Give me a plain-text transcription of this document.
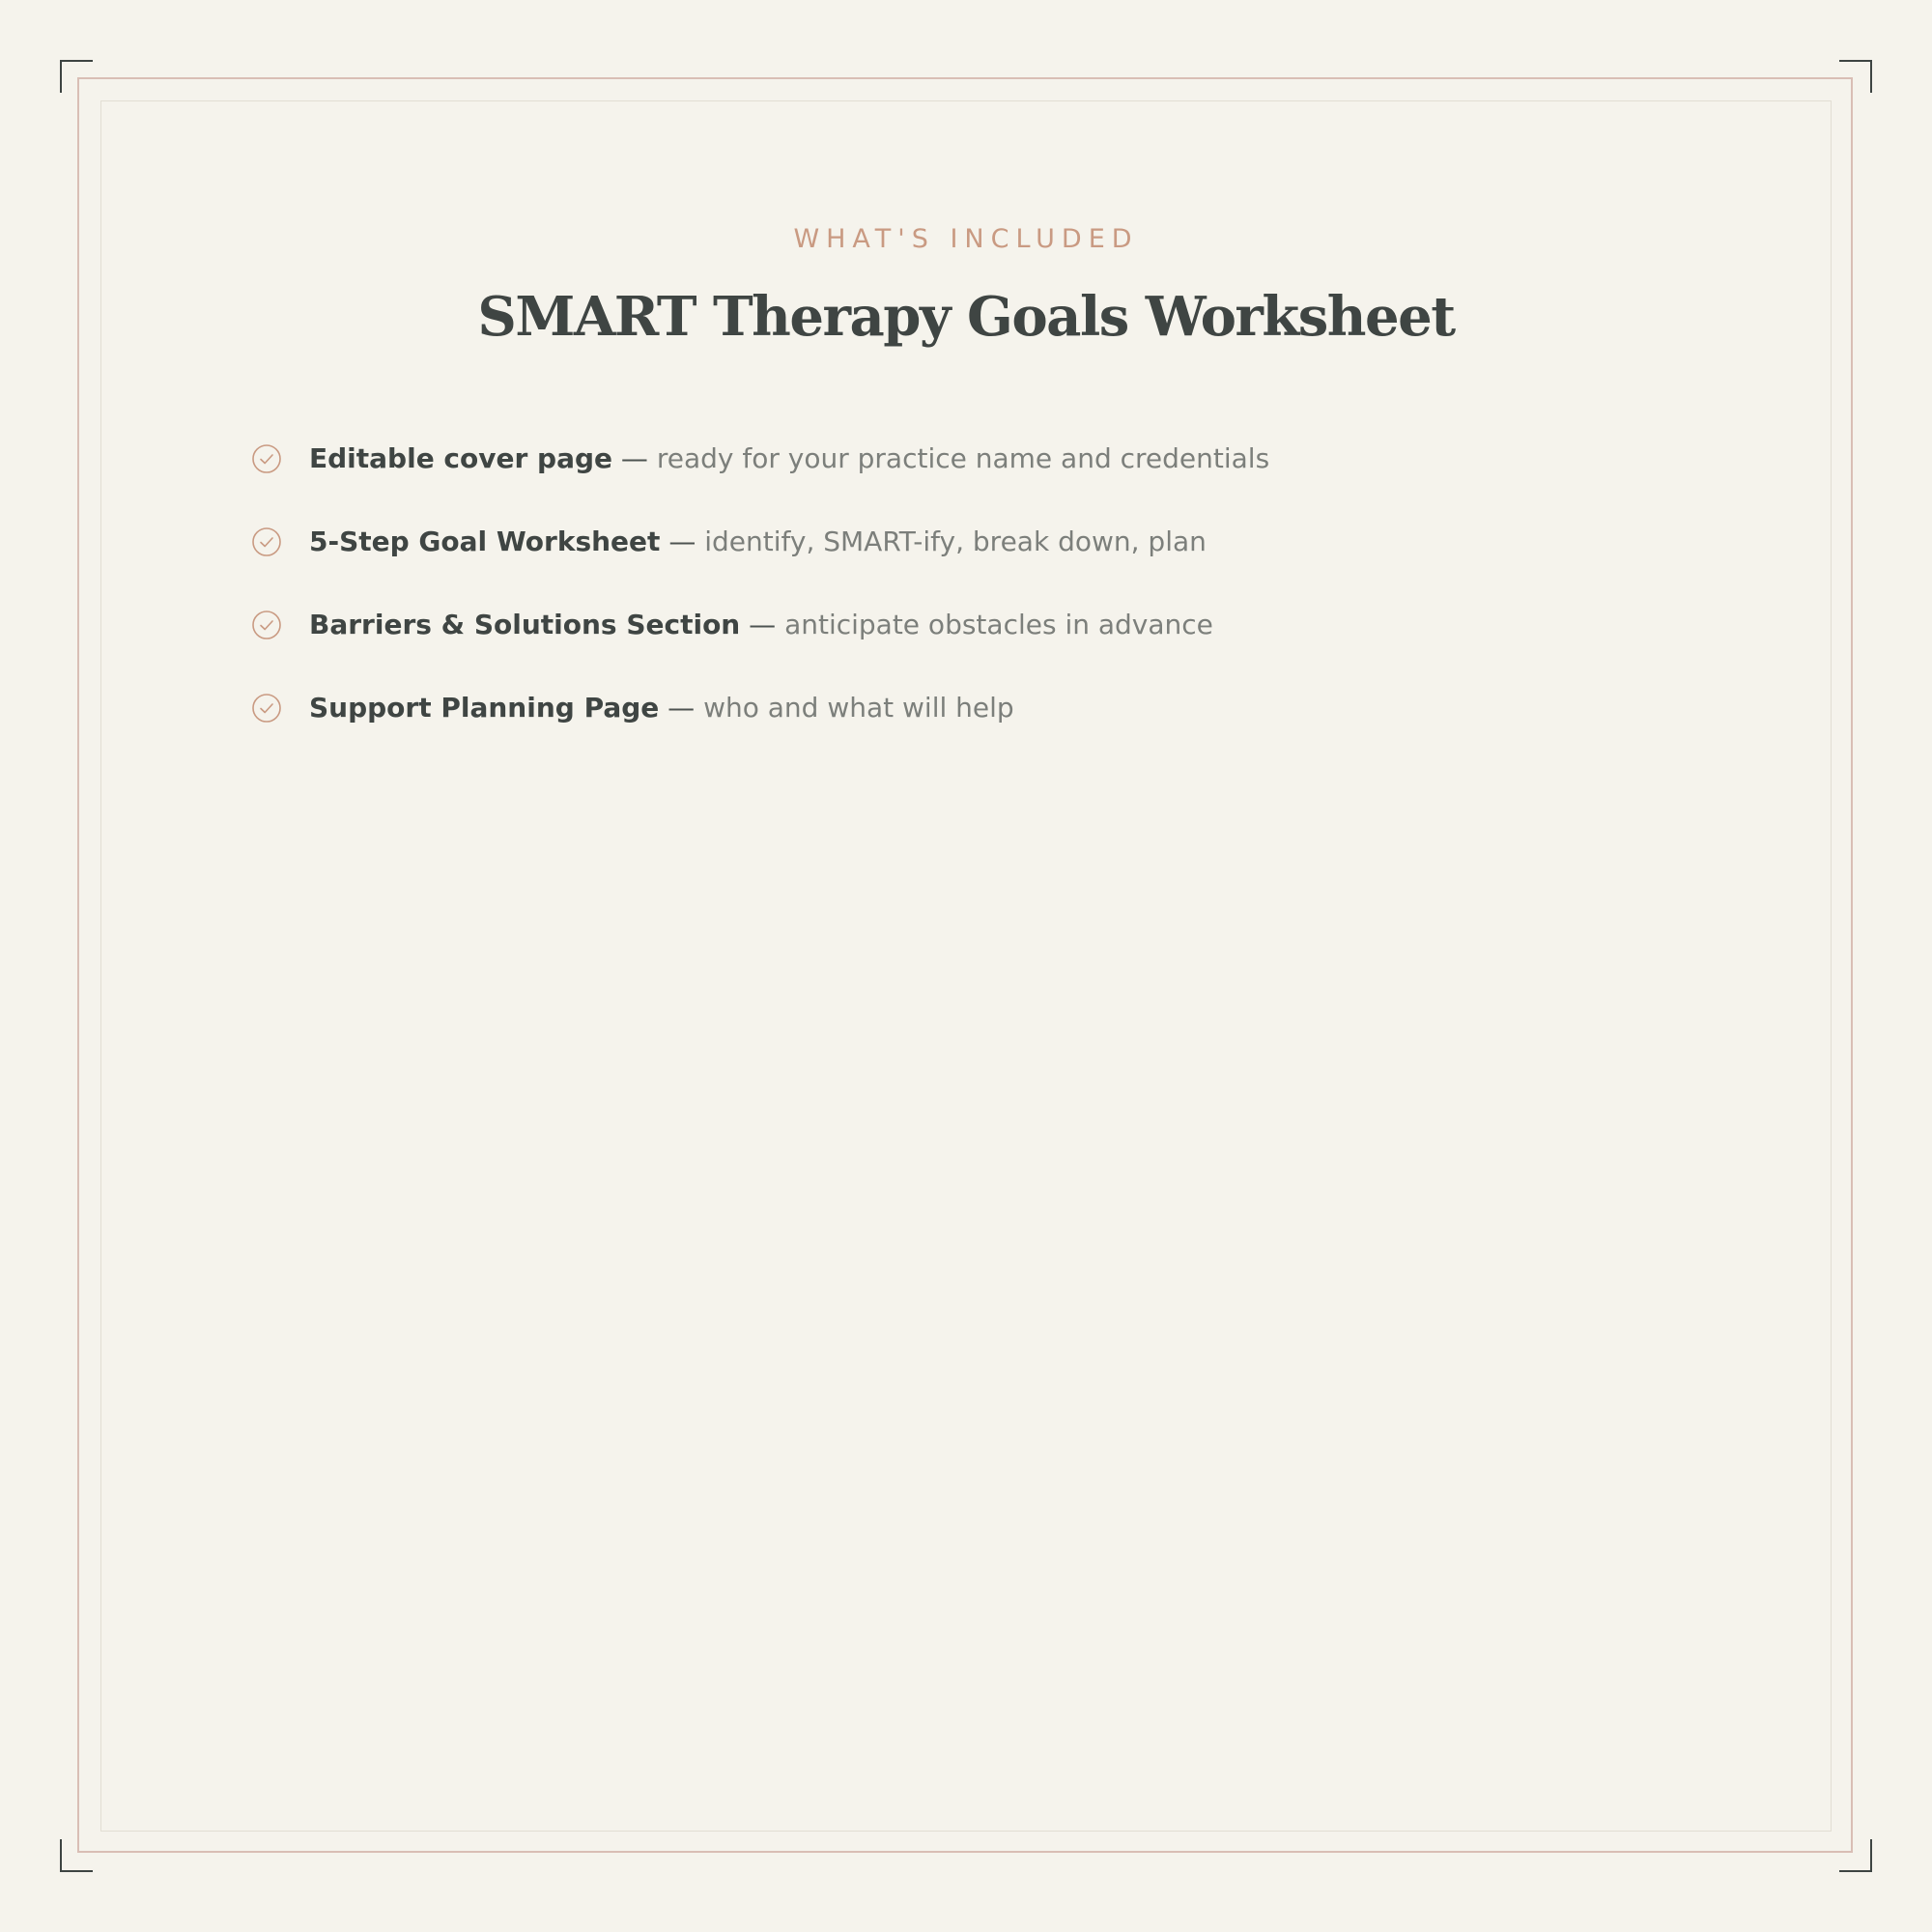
WHAT'S INCLUDED
SMART Therapy Goals Worksheet
Editable cover page — ready for your practice name and credentials
5-Step Goal Worksheet — identify, SMART-ify, break down, plan
Barriers & Solutions Section — anticipate obstacles in advance
Support Planning Page — who and what will help
